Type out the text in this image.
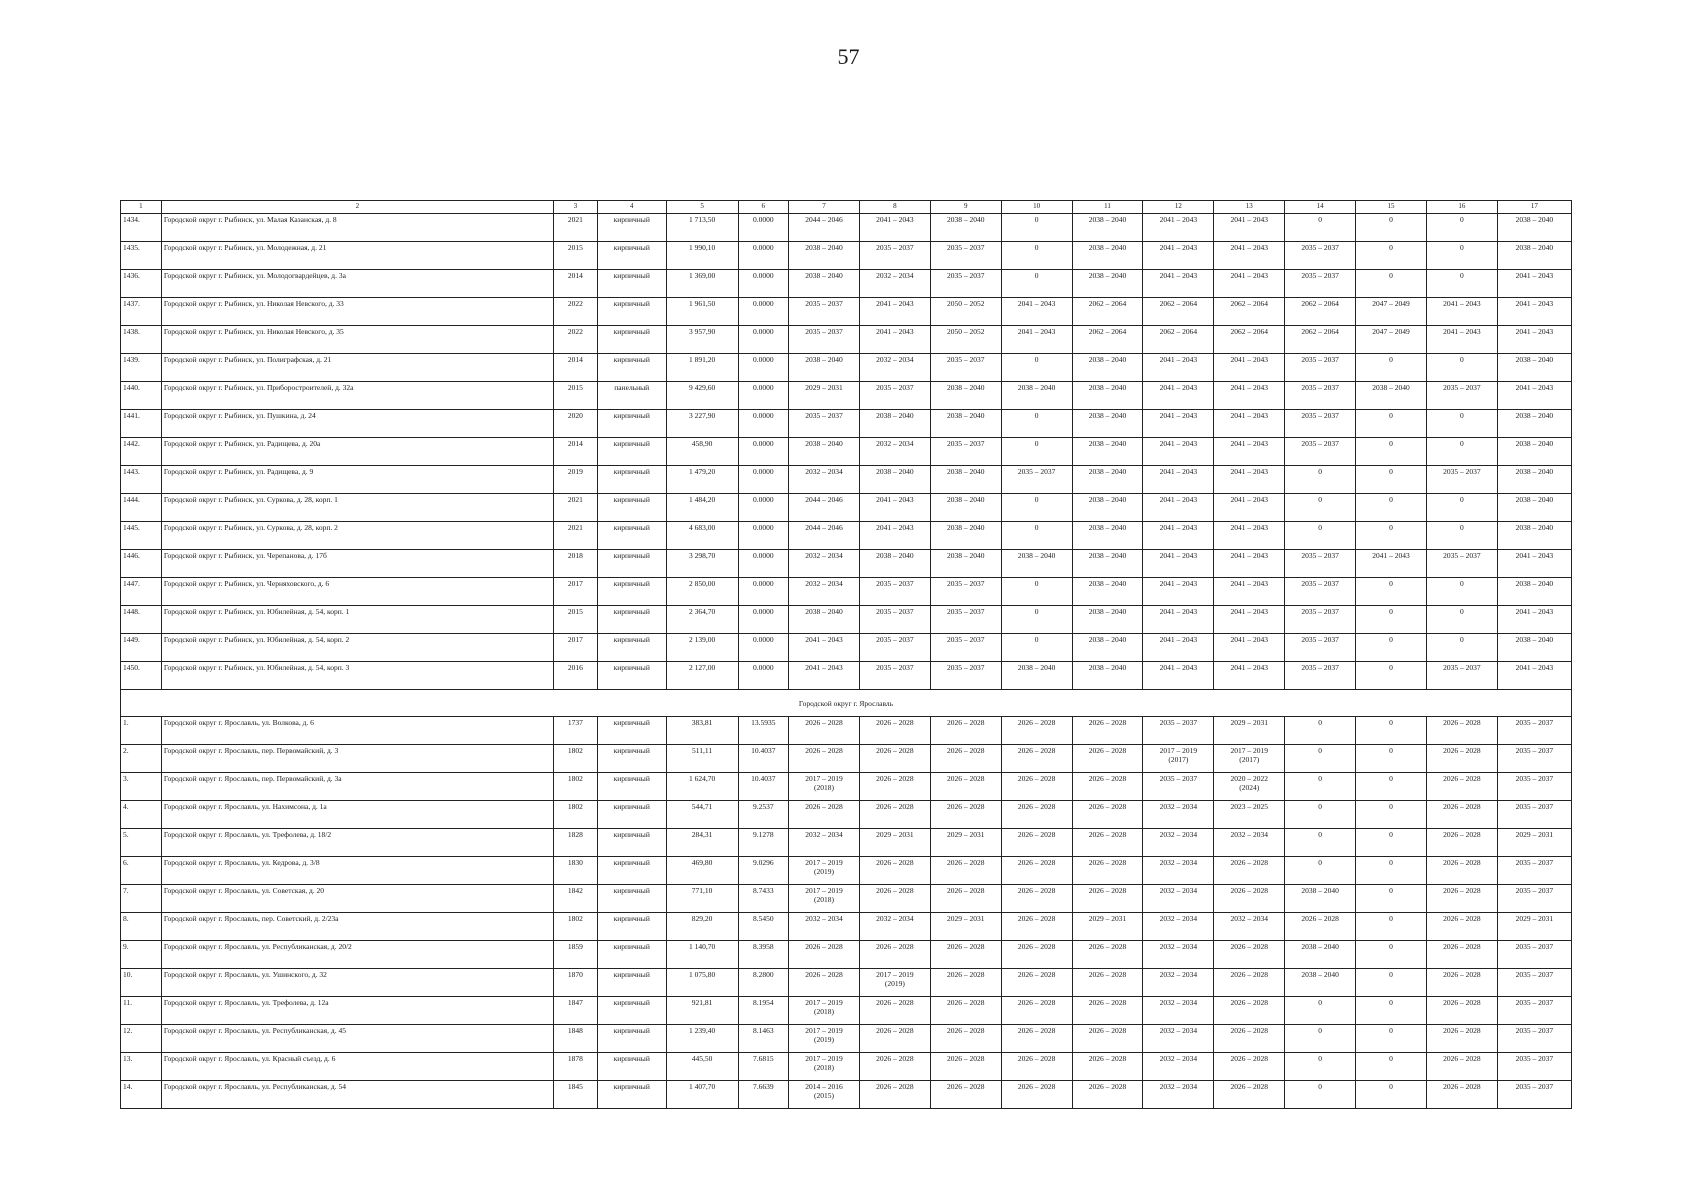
57
1	2	3	4	5	6	7	8	9	10	11	12	13	14	15	16	17

1434.	Городской округ г. Рыбинск, ул. Малая Казанская, д. 8	2021	кирпичный	1 713,50	0.0000	2044 – 2046	2041 – 2043	2038 – 2040	0	2038 – 2040	2041 – 2043	2041 – 2043	0	0	0	2038 – 2040

1435.	Городской округ г. Рыбинск, ул. Молодежная, д. 21	2015	кирпичный	1 990,10	0.0000	2038 – 2040	2035 – 2037	2035 – 2037	0	2038 – 2040	2041 – 2043	2041 – 2043	2035 – 2037	0	0	2038 – 2040

1436.	Городской округ г. Рыбинск, ул. Молодогвардейцев, д. 3а	2014	кирпичный	1 369,00	0.0000	2038 – 2040	2032 – 2034	2035 – 2037	0	2038 – 2040	2041 – 2043	2041 – 2043	2035 – 2037	0	0	2041 – 2043

1437.	Городской округ г. Рыбинск, ул. Николая Невского, д. 33	2022	кирпичный	1 961,50	0.0000	2035 – 2037	2041 – 2043	2050 – 2052	2041 – 2043	2062 – 2064	2062 – 2064	2062 – 2064	2062 – 2064	2047 – 2049	2041 – 2043	2041 – 2043

1438.	Городской округ г. Рыбинск, ул. Николая Невского, д. 35	2022	кирпичный	3 957,90	0.0000	2035 – 2037	2041 – 2043	2050 – 2052	2041 – 2043	2062 – 2064	2062 – 2064	2062 – 2064	2062 – 2064	2047 – 2049	2041 – 2043	2041 – 2043

1439.	Городской округ г. Рыбинск, ул. Полиграфская, д. 21	2014	кирпичный	1 891,20	0.0000	2038 – 2040	2032 – 2034	2035 – 2037	0	2038 – 2040	2041 – 2043	2041 – 2043	2035 – 2037	0	0	2038 – 2040

1440.	Городской округ г. Рыбинск, ул. Приборостроителей, д. 32а	2015	панельный	9 429,60	0.0000	2029 – 2031	2035 – 2037	2038 – 2040	2038 – 2040	2038 – 2040	2041 – 2043	2041 – 2043	2035 – 2037	2038 – 2040	2035 – 2037	2041 – 2043

1441.	Городской округ г. Рыбинск, ул. Пушкина, д. 24	2020	кирпичный	3 227,90	0.0000	2035 – 2037	2038 – 2040	2038 – 2040	0	2038 – 2040	2041 – 2043	2041 – 2043	2035 – 2037	0	0	2038 – 2040

1442.	Городской округ г. Рыбинск, ул. Радищева, д. 20а	2014	кирпичный	458,90	0.0000	2038 – 2040	2032 – 2034	2035 – 2037	0	2038 – 2040	2041 – 2043	2041 – 2043	2035 – 2037	0	0	2038 – 2040

1443.	Городской округ г. Рыбинск, ул. Радищева, д. 9	2019	кирпичный	1 479,20	0.0000	2032 – 2034	2038 – 2040	2038 – 2040	2035 – 2037	2038 – 2040	2041 – 2043	2041 – 2043	0	0	2035 – 2037	2038 – 2040

1444.	Городской округ г. Рыбинск, ул. Суркова, д. 28, корп. 1	2021	кирпичный	1 484,20	0.0000	2044 – 2046	2041 – 2043	2038 – 2040	0	2038 – 2040	2041 – 2043	2041 – 2043	0	0	0	2038 – 2040

1445.	Городской округ г. Рыбинск, ул. Суркова, д. 28, корп. 2	2021	кирпичный	4 683,00	0.0000	2044 – 2046	2041 – 2043	2038 – 2040	0	2038 – 2040	2041 – 2043	2041 – 2043	0	0	0	2038 – 2040

1446.	Городской округ г. Рыбинск, ул. Черепанова, д. 17б	2018	кирпичный	3 298,70	0.0000	2032 – 2034	2038 – 2040	2038 – 2040	2038 – 2040	2038 – 2040	2041 – 2043	2041 – 2043	2035 – 2037	2041 – 2043	2035 – 2037	2041 – 2043

1447.	Городской округ г. Рыбинск, ул. Черняховского, д. 6	2017	кирпичный	2 850,00	0.0000	2032 – 2034	2035 – 2037	2035 – 2037	0	2038 – 2040	2041 – 2043	2041 – 2043	2035 – 2037	0	0	2038 – 2040

1448.	Городской округ г. Рыбинск, ул. Юбилейная, д. 54, корп. 1	2015	кирпичный	2 364,70	0.0000	2038 – 2040	2035 – 2037	2035 – 2037	0	2038 – 2040	2041 – 2043	2041 – 2043	2035 – 2037	0	0	2041 – 2043

1449.	Городской округ г. Рыбинск, ул. Юбилейная, д. 54, корп. 2	2017	кирпичный	2 139,00	0.0000	2041 – 2043	2035 – 2037	2035 – 2037	0	2038 – 2040	2041 – 2043	2041 – 2043	2035 – 2037	0	0	2038 – 2040

1450.	Городской округ г. Рыбинск, ул. Юбилейная, д. 54, корп. 3	2016	кирпичный	2 127,00	0.0000	2041 – 2043	2035 – 2037	2035 – 2037	2038 – 2040	2038 – 2040	2041 – 2043	2041 – 2043	2035 – 2037	0	2035 – 2037	2041 – 2043

Городской округ г. Ярославль																

1.	Городской округ г. Ярославль, ул. Волкова, д. 6	1737	кирпичный	383,81	13.5935	2026 – 2028	2026 – 2028	2026 – 2028	2026 – 2028	2026 – 2028	2035 – 2037	2029 – 2031	0	0	2026 – 2028	2035 – 2037

2.	Городской округ г. Ярославль, пер. Первомайский, д. 3	1802	кирпичный	511,11	10.4037	2026 – 2028	2026 – 2028	2026 – 2028	2026 – 2028	2026 – 2028	2017 – 2019
(2017)	2017 – 2019
(2017)	0	0	2026 – 2028	2035 – 2037

3.	Городской округ г. Ярославль, пер. Первомайский, д. 3а	1802	кирпичный	1 624,70	10.4037	2017 – 2019
(2018)	2026 – 2028	2026 – 2028	2026 – 2028	2026 – 2028	2035 – 2037	2020 – 2022
(2024)	0	0	2026 – 2028	2035 – 2037

4.	Городской округ г. Ярославль, ул. Нахимсона, д. 1а	1802	кирпичный	544,71	9.2537	2026 – 2028	2026 – 2028	2026 – 2028	2026 – 2028	2026 – 2028	2032 – 2034	2023 – 2025	0	0	2026 – 2028	2035 – 2037

5.	Городской округ г. Ярославль, ул. Трефолева, д. 18/2	1828	кирпичный	284,31	9.1278	2032 – 2034	2029 – 2031	2029 – 2031	2026 – 2028	2026 – 2028	2032 – 2034	2032 – 2034	0	0	2026 – 2028	2029 – 2031

6.	Городской округ г. Ярославль, ул. Кедрова, д. 3/8	1830	кирпичный	469,80	9.0296	2017 – 2019
(2019)	2026 – 2028	2026 – 2028	2026 – 2028	2026 – 2028	2032 – 2034	2026 – 2028	0	0	2026 – 2028	2035 – 2037

7.	Городской округ г. Ярославль, ул. Советская, д. 20	1842	кирпичный	771,10	8.7433	2017 – 2019
(2018)	2026 – 2028	2026 – 2028	2026 – 2028	2026 – 2028	2032 – 2034	2026 – 2028	2038 – 2040	0	2026 – 2028	2035 – 2037

8.	Городской округ г. Ярославль, пер. Советский, д. 2/23а	1802	кирпичный	829,20	8.5450	2032 – 2034	2032 – 2034	2029 – 2031	2026 – 2028	2029 – 2031	2032 – 2034	2032 – 2034	2026 – 2028	0	2026 – 2028	2029 – 2031

9.	Городской округ г. Ярославль, ул. Республиканская, д. 20/2	1859	кирпичный	1 140,70	8.3958	2026 – 2028	2026 – 2028	2026 – 2028	2026 – 2028	2026 – 2028	2032 – 2034	2026 – 2028	2038 – 2040	0	2026 – 2028	2035 – 2037

10.	Городской округ г. Ярославль, ул. Ушинского, д. 32	1870	кирпичный	1 075,80	8.2800	2026 – 2028	2017 – 2019
(2019)	2026 – 2028	2026 – 2028	2026 – 2028	2032 – 2034	2026 – 2028	2038 – 2040	0	2026 – 2028	2035 – 2037

11.	Городской округ г. Ярославль, ул. Трефолева, д. 12а	1847	кирпичный	921,81	8.1954	2017 – 2019
(2018)	2026 – 2028	2026 – 2028	2026 – 2028	2026 – 2028	2032 – 2034	2026 – 2028	0	0	2026 – 2028	2035 – 2037

12.	Городской округ г. Ярославль, ул. Республиканская, д. 45	1848	кирпичный	1 239,40	8.1463	2017 – 2019
(2019)	2026 – 2028	2026 – 2028	2026 – 2028	2026 – 2028	2032 – 2034	2026 – 2028	0	0	2026 – 2028	2035 – 2037

13.	Городской округ г. Ярославль, ул. Красный съезд, д. 6	1878	кирпичный	445,50	7.6815	2017 – 2019
(2018)	2026 – 2028	2026 – 2028	2026 – 2028	2026 – 2028	2032 – 2034	2026 – 2028	0	0	2026 – 2028	2035 – 2037

14.	Городской округ г. Ярославль, ул. Республиканская, д. 54	1845	кирпичный	1 407,70	7.6639	2014 – 2016
(2015)	2026 – 2028	2026 – 2028	2026 – 2028	2026 – 2028	2032 – 2034	2026 – 2028	0	0	2026 – 2028	2035 – 2037
